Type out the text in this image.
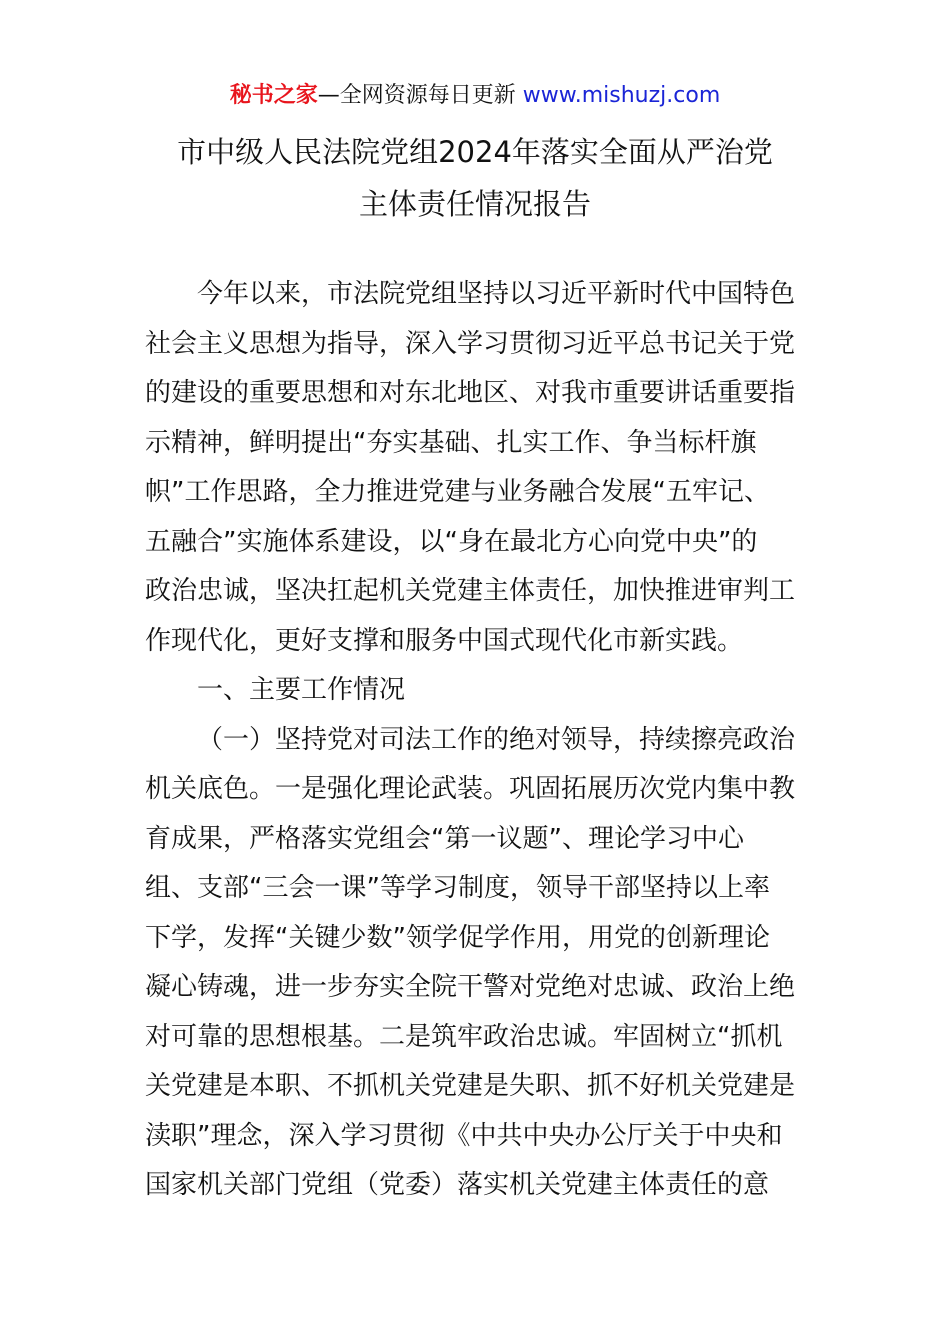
秘书之家—全网资源每日更新 www.mishuzj.com
市中级人民法院党组2024年落实全面从严治党
主体责任情况报告
今年以来，市法院党组坚持以习近平新时代中国特色
社会主义思想为指导，深入学习贯彻习近平总书记关于党
的建设的重要思想和对东北地区、对我市重要讲话重要指
示精神，鲜明提出“夯实基础、扎实工作、争当标杆旗
帜”工作思路，全力推进党建与业务融合发展“五牢记、
五融合”实施体系建设，以“身在最北方心向党中央”的
政治忠诚，坚决扛起机关党建主体责任，加快推进审判工
作现代化，更好支撑和服务中国式现代化市新实践。
一、主要工作情况
（一）坚持党对司法工作的绝对领导，持续擦亮政治
机关底色。一是强化理论武装。巩固拓展历次党内集中教
育成果，严格落实党组会“第一议题”、理论学习中心
组、支部“三会一课”等学习制度，领导干部坚持以上率
下学，发挥“关键少数”领学促学作用，用党的创新理论
凝心铸魂，进一步夯实全院干警对党绝对忠诚、政治上绝
对可靠的思想根基。二是筑牢政治忠诚。牢固树立“抓机
关党建是本职、不抓机关党建是失职、抓不好机关党建是
渎职”理念，深入学习贯彻《中共中央办公厅关于中央和
国家机关部门党组（党委）落实机关党建主体责任的意
